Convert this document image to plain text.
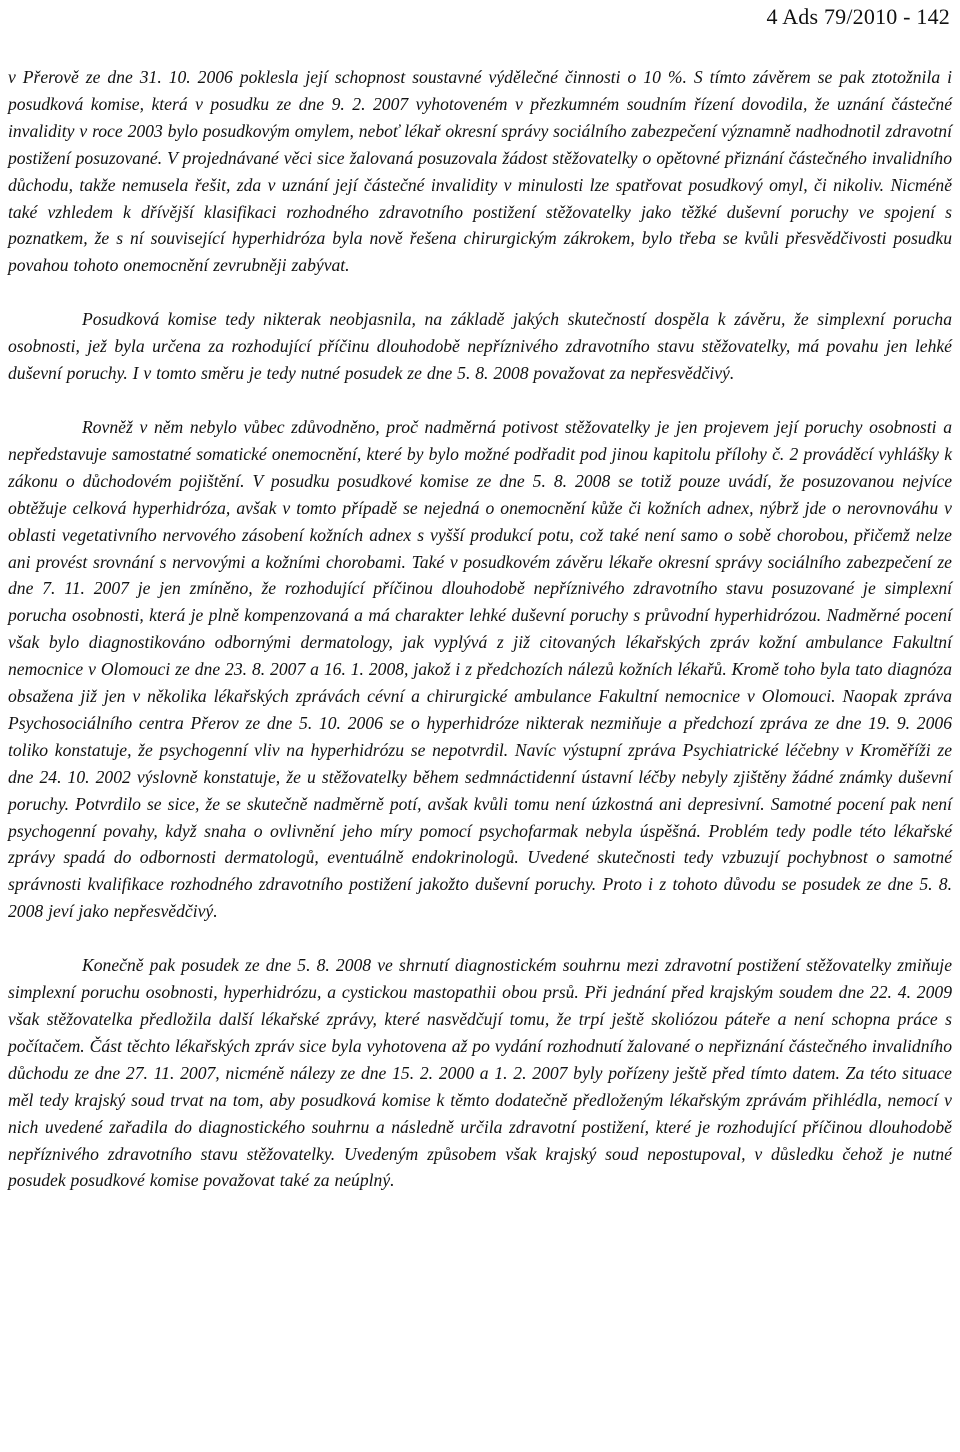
4 Ads 79/2010 - 142

v Přerově ze dne 31. 10. 2006 poklesla její schopnost soustavné výdělečné činnosti o 10 %. S tímto závěrem se pak ztotožnila i posudková komise, která v posudku ze dne 9. 2. 2007 vyhotoveném v přezkumném soudním řízení dovodila, že uznání částečné invalidity v roce 2003 bylo posudkovým omylem, neboť lékař okresní správy sociálního zabezpečení významně nadhodnotil zdravotní postižení posuzované. V projednávané věci sice žalovaná posuzovala žádost stěžovatelky o opětovné přiznání částečného invalidního důchodu, takže nemusela řešit, zda v uznání její částečné invalidity v minulosti lze spatřovat posudkový omyl, či nikoliv. Nicméně také vzhledem k dřívější klasifikaci rozhodného zdravotního postižení stěžovatelky jako těžké duševní poruchy ve spojení s poznatkem, že s ní související hyperhidróza byla nově řešena chirurgickým zákrokem, bylo třeba se kvůli přesvědčivosti posudku povahou tohoto onemocnění zevrubněji zabývat.

Posudková komise tedy nikterak neobjasnila, na základě jakých skutečností dospěla k závěru, že simplexní porucha osobnosti, jež byla určena za rozhodující příčinu dlouhodobě nepříznivého zdravotního stavu stěžovatelky, má povahu jen lehké duševní poruchy. I v tomto směru je tedy nutné posudek ze dne 5. 8. 2008 považovat za nepřesvědčivý.

Rovněž v něm nebylo vůbec zdůvodněno, proč nadměrná potivost stěžovatelky je jen projevem její poruchy osobnosti a nepředstavuje samostatné somatické onemocnění, které by bylo možné podřadit pod jinou kapitolu přílohy č. 2 prováděcí vyhlášky k zákonu o důchodovém pojištění. V posudku posudkové komise ze dne 5. 8. 2008 se totiž pouze uvádí, že posuzovanou nejvíce obtěžuje celková hyperhidróza, avšak v tomto případě se nejedná o onemocnění kůže či kožních adnex, nýbrž jde o nerovnováhu v oblasti vegetativního nervového zásobení kožních adnex s vyšší produkcí potu, což také není samo o sobě chorobou, přičemž nelze ani provést srovnání s nervovými a kožními chorobami. Také v posudkovém závěru lékaře okresní správy sociálního zabezpečení ze dne 7. 11. 2007 je jen zmíněno, že rozhodující příčinou dlouhodobě nepříznivého zdravotního stavu posuzované je simplexní porucha osobnosti, která je plně kompenzovaná a má charakter lehké duševní poruchy s průvodní hyperhidrózou. Nadměrné pocení však bylo diagnostikováno odbornými dermatology, jak vyplývá z již citovaných lékařských zpráv kožní ambulance Fakultní nemocnice v Olomouci ze dne 23. 8. 2007 a 16. 1. 2008, jakož i z předchozích nálezů kožních lékařů. Kromě toho byla tato diagnóza obsažena již jen v několika lékařských zprávách cévní a chirurgické ambulance Fakultní nemocnice v Olomouci. Naopak zpráva Psychosociálního centra Přerov ze dne 5. 10. 2006 se o hyperhidróze nikterak nezmiňuje a předchozí zpráva ze dne 19. 9. 2006 toliko konstatuje, že psychogenní vliv na hyperhidrózu se nepotvrdil. Navíc výstupní zpráva Psychiatrické léčebny v Kroměříži ze dne 24. 10. 2002 výslovně konstatuje, že u stěžovatelky během sedmnáctidenní ústavní léčby nebyly zjištěny žádné známky duševní poruchy. Potvrdilo se sice, že se skutečně nadměrně potí, avšak kvůli tomu není úzkostná ani depresivní. Samotné pocení pak není psychogenní povahy, když snaha o ovlivnění jeho míry pomocí psychofarmak nebyla úspěšná. Problém tedy podle této lékařské zprávy spadá do odbornosti dermatologů, eventuálně endokrinologů. Uvedené skutečnosti tedy vzbuzují pochybnost o samotné správnosti kvalifikace rozhodného zdravotního postižení jakožto duševní poruchy. Proto i z tohoto důvodu se posudek ze dne 5. 8. 2008 jeví jako nepřesvědčivý.

Konečně pak posudek ze dne 5. 8. 2008 ve shrnutí diagnostickém souhrnu mezi zdravotní postižení stěžovatelky zmiňuje simplexní poruchu osobnosti, hyperhidrózu, a cystickou mastopathii obou prsů. Při jednání před krajským soudem dne 22. 4. 2009 však stěžovatelka předložila další lékařské zprávy, které nasvědčují tomu, že trpí ještě skoliózou páteře a není schopna práce s počítačem. Část těchto lékařských zpráv sice byla vyhotovena až po vydání rozhodnutí žalované o nepřiznání částečného invalidního důchodu ze dne 27. 11. 2007, nicméně nálezy ze dne 15. 2. 2000 a 1. 2. 2007 byly pořízeny ještě před tímto datem. Za této situace měl tedy krajský soud trvat na tom, aby posudková komise k těmto dodatečně předloženým lékařským zprávám přihlédla, nemocí v nich uvedené zařadila do diagnostického souhrnu a následně určila zdravotní postižení, které je rozhodující příčinou dlouhodobě nepříznivého zdravotního stavu stěžovatelky. Uvedeným způsobem však krajský soud nepostupoval, v důsledku čehož je nutné posudek posudkové komise považovat také za neúplný.
